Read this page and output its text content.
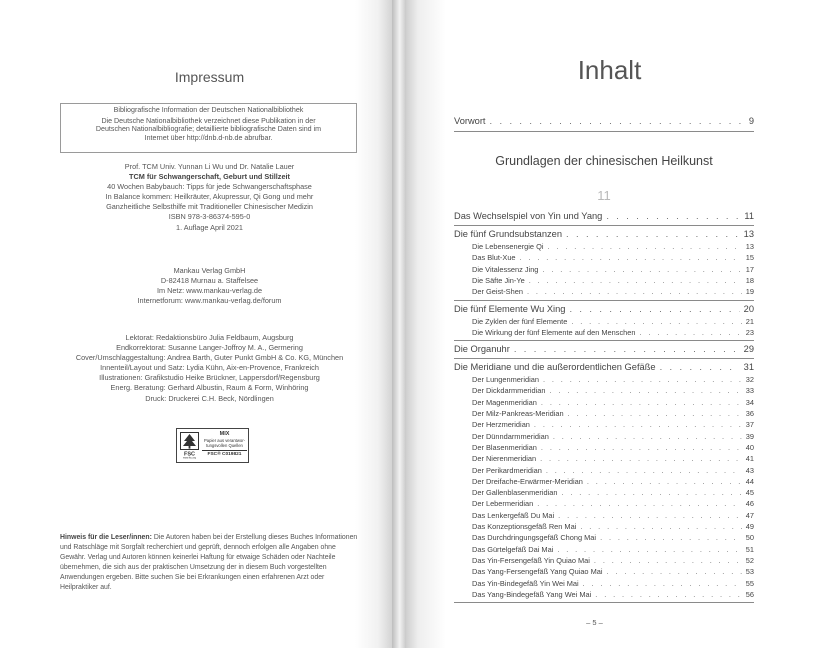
Impressum
Bibliografische Information der Deutschen Nationalbibliothek
Die Deutsche Nationalbibliothek verzeichnet diese Publikation in der
Deutschen Nationalbibliografie; detaillierte bibliografische Daten sind im
Internet über http://dnb.d-nb.de abrufbar.
Prof. TCM Univ. Yunnan Li Wu und Dr. Natalie Lauer
TCM für Schwangerschaft, Geburt und Stillzeit
40 Wochen Babybauch: Tipps für jede Schwangerschaftsphase
In Balance kommen: Heilkräuter, Akupressur, Qi Gong und mehr
Ganzheitliche Selbsthilfe mit Traditioneller Chinesischer Medizin
ISBN 978-3-86374-595-0
1. Auflage April 2021
Mankau Verlag GmbH
D-82418 Murnau a. Staffelsee
Im Netz: www.mankau-verlag.de
Internetforum: www.mankau-verlag.de/forum
Lektorat: Redaktionsbüro Julia Feldbaum, Augsburg
Endkorrektorat: Susanne Langer-Joffroy M. A., Germering
Cover/Umschlaggestaltung: Andrea Barth, Guter Punkt GmbH & Co. KG, München
Innenteil/Layout und Satz: Lydia Kühn, Aix-en-Provence, Frankreich
Illustrationen: Grafikstudio Heike Brückner, Lappersdorf/Regensburg
Energ. Beratung: Gerhard Albustin, Raum & Form, Winhöring
Druck: Druckerei C.H. Beck, Nördlingen
FSC
www.fsc.org
MIX
Papier aus verantwor-tungsvollen Quellen
FSC® C019821
Hinweis für die Leser/innen: Die Autoren haben bei der Erstellung dieses Buches Informationen und Ratschläge mit Sorgfalt recherchiert und geprüft, dennoch erfolgen alle Angaben ohne Gewähr. Verlag und Autoren können keinerlei Haftung für etwaige Schäden oder Nachteile übernehmen, die sich aus der praktischen Umsetzung der in diesem Buch vorgestellten Anwendungen ergeben. Bitte suchen Sie bei Erkrankungen einen erfahrenen Arzt oder Heilpraktiker auf.
Inhalt
Vorwort . . .	9
Grundlagen der chinesischen Heilkunst
11
Das Wechselspiel von Yin und Yang . . .	11
Die fünf Grundsubstanzen . . .	13
Die Lebensenergie Qi . . .	13
Das Blut-Xue . . .	15
Die Vitalessenz Jing . . .	17
Die Säfte Jin-Ye . . .	18
Der Geist-Shen . . .	19
Die fünf Elemente Wu Xing . . .	20
Die Zyklen der fünf Elemente . . .	21
Die Wirkung der fünf Elemente auf den Menschen . . .	23
Die Organuhr . . .	29
Die Meridiane und die außerordentlichen Gefäße . . .	31
Der Lungenmeridian . . .	32
Der Dickdarmmeridian . . .	33
Der Magenmeridian . . .	34
Der Milz-Pankreas-Meridian . . .	36
Der Herzmeridian . . .	37
Der Dünndarmmeridian . . .	39
Der Blasenmeridian . . .	40
Der Nierenmeridian . . .	41
Der Perikardmeridian . . .	43
Der Dreifache-Erwärmer-Meridian . . .	44
Der Gallenblasenmeridian . . .	45
Der Lebermeridian . . .	46
Das Lenkergefäß Du Mai . . .	47
Das Konzeptionsgefäß Ren Mai . . .	49
Das Durchdringungsgefäß Chong Mai . . .	50
Das Gürtelgefäß Dai Mai . . .	51
Das Yin-Fersengefäß Yin Quiao Mai . . .	52
Das Yang-Fersengefäß Yang Quiao Mai . . .	53
Das Yin-Bindegefäß Yin Wei Mai . . .	55
Das Yang-Bindegefäß Yang Wei Mai . . .	56
– 5 –
